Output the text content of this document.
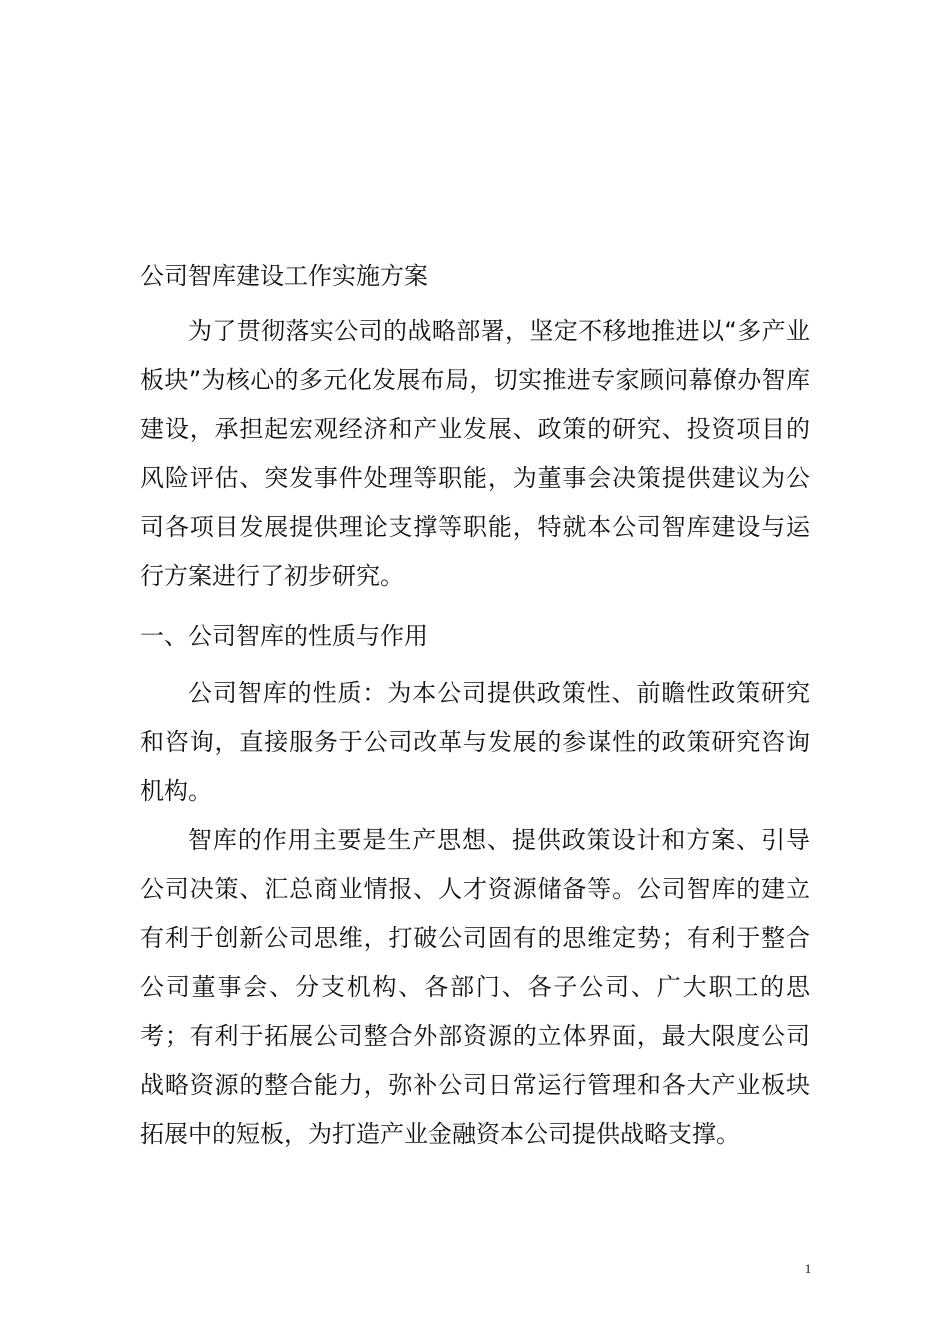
公司智库建设工作实施方案

为了贯彻落实公司的战略部署，坚定不移地推进以“多产业板块”为核心的多元化发展布局，切实推进专家顾问幕僚办智库建设，承担起宏观经济和产业发展、政策的研究、投资项目的风险评估、突发事件处理等职能，为董事会决策提供建议为公司各项目发展提供理论支撑等职能，特就本公司智库建设与运行方案进行了初步研究。

一、公司智库的性质与作用

公司智库的性质：为本公司提供政策性、前瞻性政策研究和咨询，直接服务于公司改革与发展的参谋性的政策研究咨询机构。

智库的作用主要是生产思想、提供政策设计和方案、引导公司决策、汇总商业情报、人才资源储备等。公司智库的建立有利于创新公司思维，打破公司固有的思维定势；有利于整合公司董事会、分支机构、各部门、各子公司、广大职工的思考；有利于拓展公司整合外部资源的立体界面，最大限度公司战略资源的整合能力，弥补公司日常运行管理和各大产业板块拓展中的短板，为打造产业金融资本公司提供战略支撑。

1
